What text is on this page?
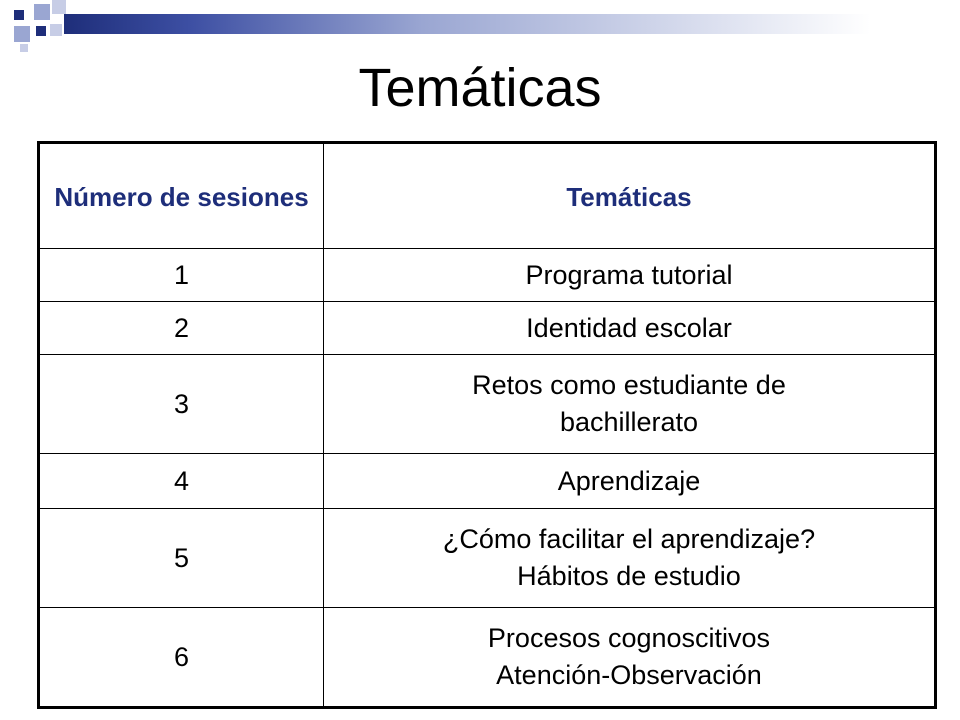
Temáticas
Número de sesiones	Temáticas
1	Programa tutorial

2	Identidad escolar

3	Retos como estudiante de
bachillerato

4	Aprendizaje

5	¿Cómo facilitar el aprendizaje?
Hábitos de estudio

6	Procesos cognoscitivos
Atención-Observación
